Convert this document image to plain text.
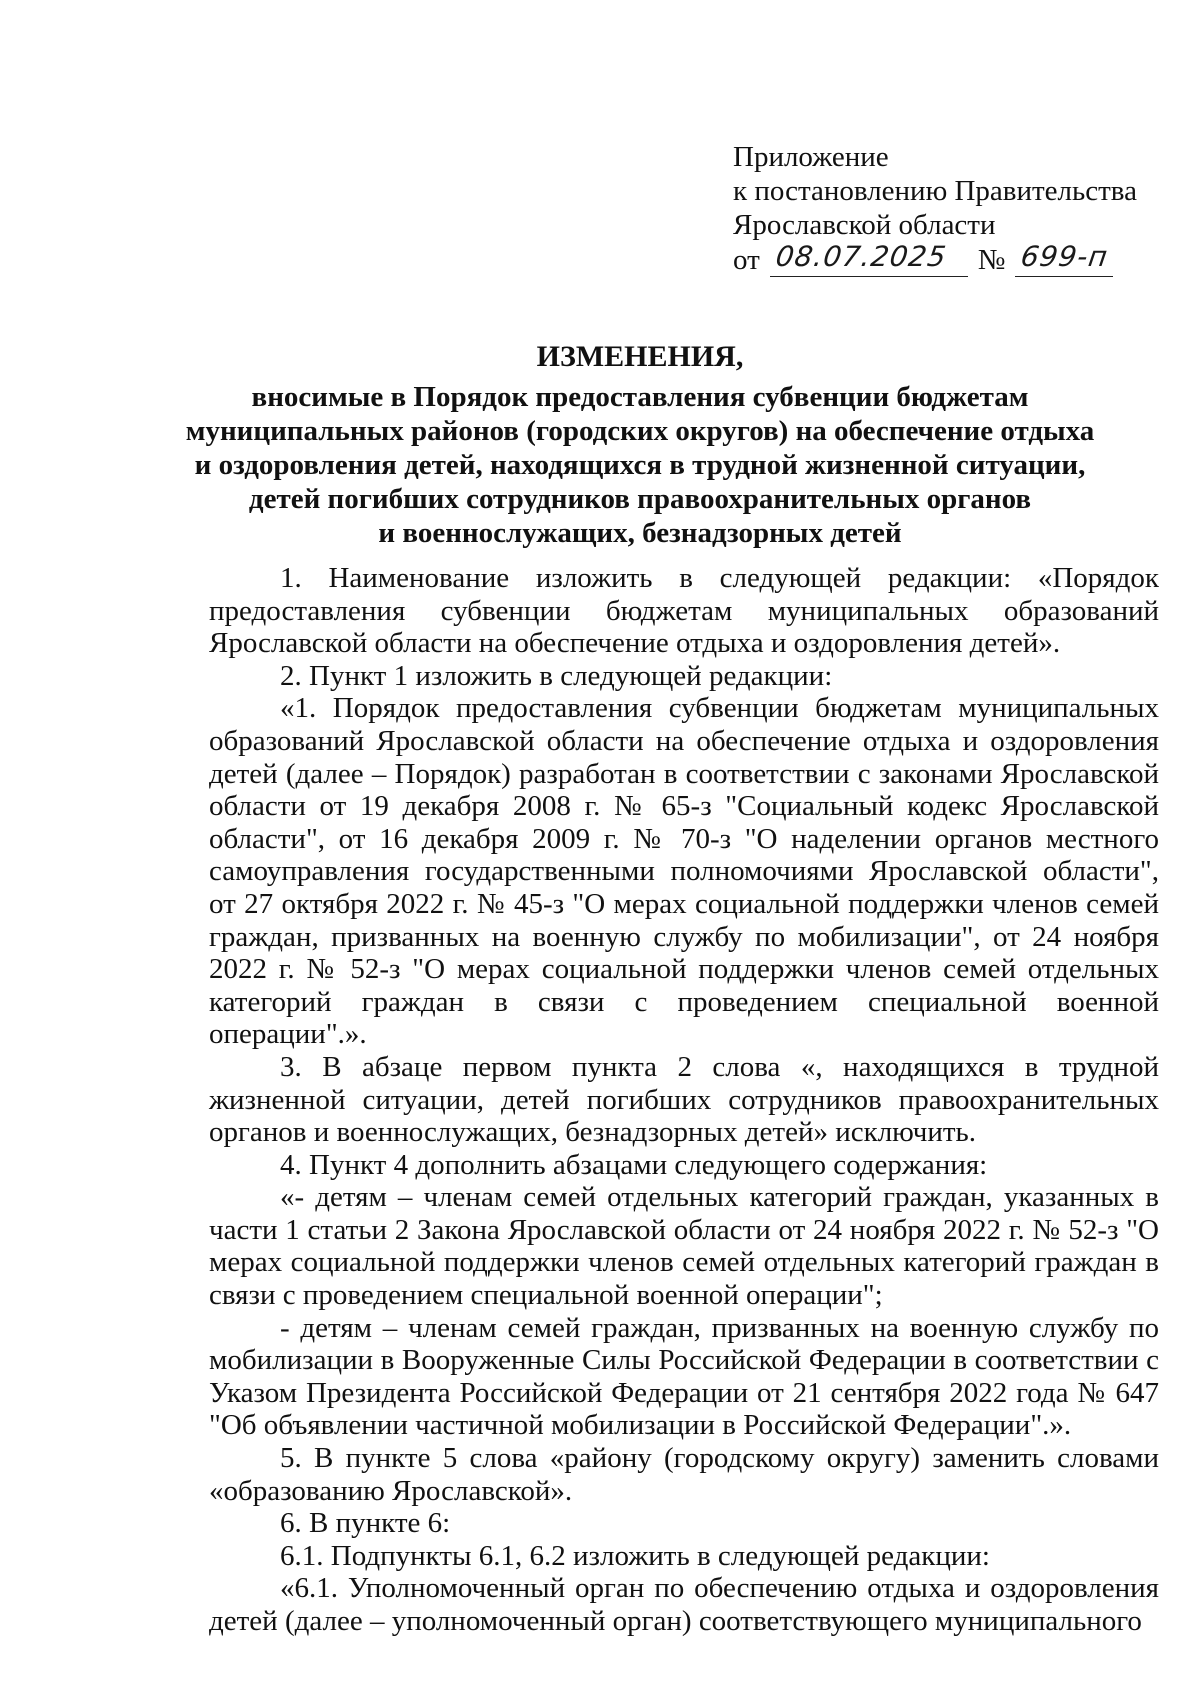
Приложение
к постановлению Правительства
Ярославской области
от 08.07.2025 № 699-п
ИЗМЕНЕНИЯ,
вносимые в Порядок предоставления субвенции бюджетам
муниципальных районов (городских округов) на обеспечение отдыха
и оздоровления детей, находящихся в трудной жизненной ситуации,
детей погибших сотрудников правоохранительных органов
и военнослужащих, безнадзорных детей

1. Наименование изложить в следующей редакции: «Порядок предоставления субвенции бюджетам муниципальных образований Ярославской области на обеспечение отдыха и оздоровления детей».

2. Пункт 1 изложить в следующей редакции:

«1. Порядок предоставления субвенции бюджетам муниципальных образований Ярославской области на обеспечение отдыха и оздоровления детей (далее – Порядок) разработан в соответствии с законами Ярославской области от 19 декабря 2008 г. № 65-з "Социальный кодекс Ярославской области", от 16 декабря 2009 г. № 70-з "О наделении органов местного самоуправления государственными полномочиями Ярославской области", от 27 октября 2022 г. № 45-з "О мерах социальной поддержки членов семей граждан, призванных на военную службу по мобилизации", от 24 ноября 2022 г. № 52-з "О мерах социальной поддержки членов семей отдельных категорий граждан в связи с проведением специальной военной операции".».

3. В абзаце первом пункта 2 слова «, находящихся в трудной жизненной ситуации, детей погибших сотрудников правоохранительных органов и военнослужащих, безнадзорных детей» исключить.

4. Пункт 4 дополнить абзацами следующего содержания:

«- детям – членам семей отдельных категорий граждан, указанных в части 1 статьи 2 Закона Ярославской области от 24 ноября 2022 г. № 52-з "О мерах социальной поддержки членов семей отдельных категорий граждан в связи с проведением специальной военной операции";

- детям – членам семей граждан, призванных на военную службу по мобилизации в Вооруженные Силы Российской Федерации в соответствии с Указом Президента Российской Федерации от 21 сентября 2022 года № 647 "Об объявлении частичной мобилизации в Российской Федерации".».

5. В пункте 5 слова «району (городскому округу) заменить словами «образованию Ярославской».

6. В пункте 6:

6.1. Подпункты 6.1, 6.2 изложить в следующей редакции:

«6.1. Уполномоченный орган по обеспечению отдыха и оздоровления детей (далее – уполномоченный орган) соответствующего муниципального
